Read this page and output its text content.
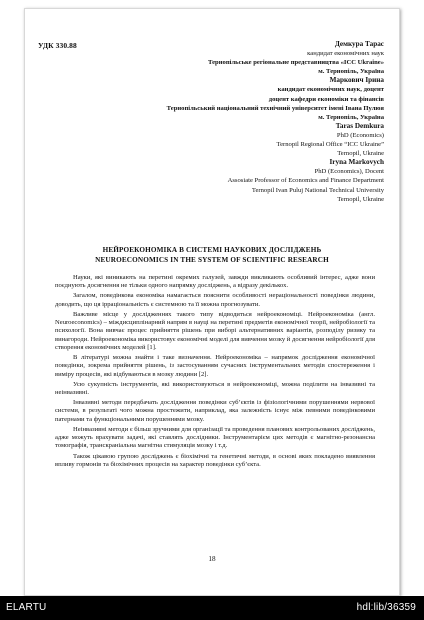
УДК 330.88	Демкура Тарас
кандидат економічних наук
Тернопільське регіональне представництва «ICC Ukraine»
м. Тернопіль, Україна
Маркович Ірина
кандидат економічних наук, доцент
доцент кафедри економіки та фінансів
Тернопільський національний технічний університет імені Івана Пулюя
м. Тернопіль, Україна
Taras Demkura
PhD (Economics)
Ternopil Regional Office “ICC Ukraine”
Ternopil, Ukraine
Iryna Markovych
PhD (Economics), Docent
Assosiate Professor of Economics and Finance Department
Ternopil Ivan Puluj National Technical University
Ternopil, Ukraine
НЕЙРОЕКОНОМІКА В СИСТЕМІ НАУКОВИХ ДОСЛІДЖЕНЬ
NEUROECONOMICS IN THE SYSTEM OF SCIENTIFIC RESEARCH

Науки, які виникають на перетині окремих галузей, завжди викликають особливий інтерес, адже вони поєднують досягнення не тільки одного напрямку досліджень, а відразу декількох.

Загалом, поведінкова економіка намагається пояснити особливості нераціональності поведінки людини, доводить, що ця ірраціональність є системною та її можна прогнозувати.

Важливе місце у дослідженнях такого типу відводиться нейроекономіці. Нейроекономіка (англ. Neuroeconomics) – міждисциплінарний напрям в науці на перетині предметів економічної теорії, нейробіології та психології. Вона вивчає процес прийняття рішень при виборі альтернативних варіантів, розподілу ризику та винагороди. Нейроекономіка використовує економічні моделі для вивчення мозку й досягнення нейробіології для створення економічних моделей [1].

В літературі можна знайти і таке визначення. Нейроекономіка – напрямок дослідження економічної поведінки, зокрема прийняття рішень, із застосуванням сучасних інструментальних методів спостереження і виміру процесів, які відбуваються в мозку людини [2].

Усю сукупність інструментів, які використовуються в нейроекономіці, можна поділити на інвазивні та неінвазивні.

Інвазивні методи передбачать дослідження поведінки суб’єктів із фізіологічними порушеннями нервової системи, в результаті чого можна простежити, наприклад, яка залежність існує між певними поведінковими патернами та функціональними порушеннями мозку.

Неінвазивні методи є більш зручними для організації та проведення планових контрольованих досліджень, адже можуть врахувати задачі, які ставлять дослідники. Інструментарієм цих методів є магнітно-резонансна томографія, транскраніальна магнітна стимуляція мозку і т.д.

Також цікавою групою досліджень є біохімічні та генетичні методи, в основі яких покладено виявлення впливу гормонів та біохімічних процесів на характер поведінки суб’єкта.

18
ELARTU	hdl:lib/36359
